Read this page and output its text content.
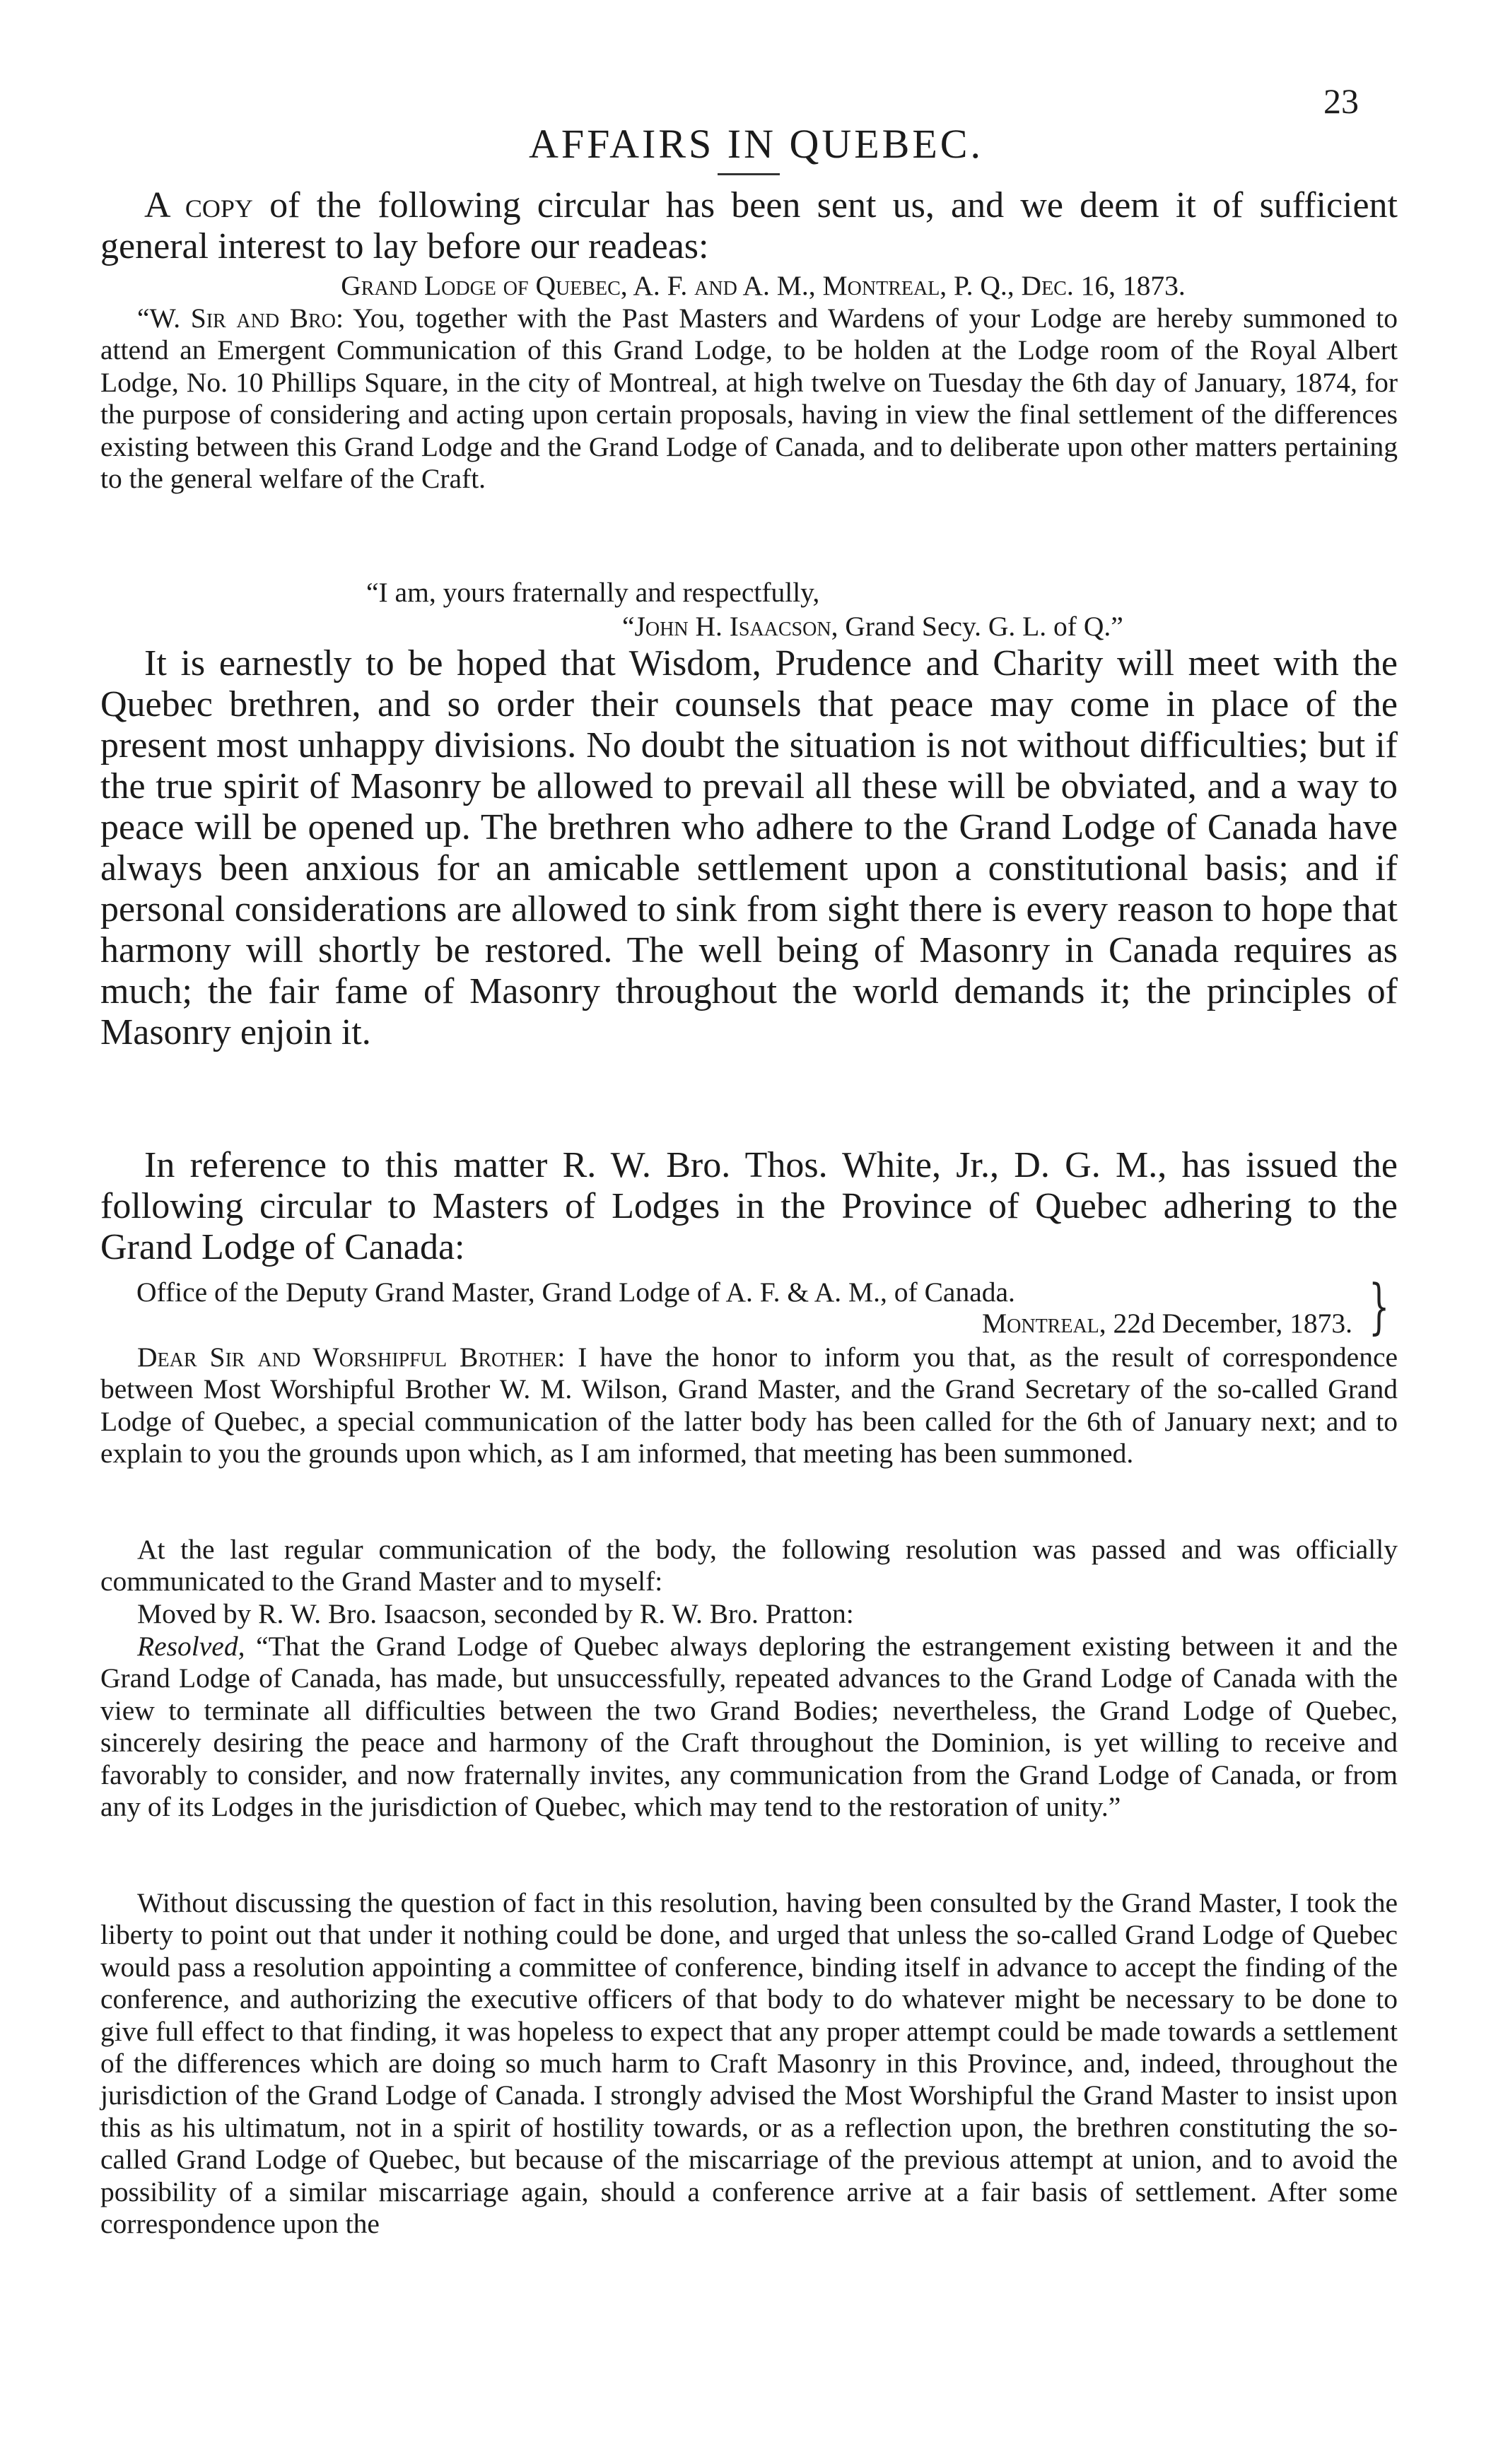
23
AFFAIRS IN QUEBEC.

A copy of the following circular has been sent us, and we deem it of sufficient general interest to lay before our readeas:

Grand Lodge of Quebec, A. F. and A. M., Montreal, P. Q., Dec. 16, 1873.

“W. Sir and Bro: You, together with the Past Masters and Wardens of your Lodge are hereby summoned to attend an Emergent Communication of this Grand Lodge, to be holden at the Lodge room of the Royal Albert Lodge, No. 10 Phillips Square, in the city of Montreal, at high twelve on Tuesday the 6th day of January, 1874, for the purpose of considering and acting upon certain proposals, having in view the final settlement of the differences existing between this Grand Lodge and the Grand Lodge of Canada, and to deliberate upon other matters pertaining to the general welfare of the Craft.

“I am, yours fraternally and respectfully,

“John H. Isaacson, Grand Secy. G. L. of Q.”

It is earnestly to be hoped that Wisdom, Prudence and Charity will meet with the Quebec brethren, and so order their counsels that peace may come in place of the present most unhappy divisions. No doubt the situation is not without difficulties; but if the true spirit of Masonry be allowed to prevail all these will be obviated, and a way to peace will be opened up. The brethren who adhere to the Grand Lodge of Canada have always been anxious for an amicable settlement upon a constitutional basis; and if personal considerations are allowed to sink from sight there is every reason to hope that harmony will shortly be restored. The well being of Masonry in Canada requires as much; the fair fame of Masonry throughout the world demands it; the principles of Masonry enjoin it.

In reference to this matter R. W. Bro. Thos. White, Jr., D. G. M., has issued the following circular to Masters of Lodges in the Province of Quebec adhering to the Grand Lodge of Canada:

Office of the Deputy Grand Master, Grand Lodge of A. F. & A. M., of Canada.
Montreal, 22d December, 1873. }

Dear Sir and Worshipful Brother: I have the honor to inform you that, as the result of correspondence between Most Worshipful Brother W. M. Wilson, Grand Master, and the Grand Secretary of the so-called Grand Lodge of Quebec, a special communication of the latter body has been called for the 6th of January next; and to explain to you the grounds upon which, as I am informed, that meeting has been summoned.

At the last regular communication of the body, the following resolution was passed and was officially communicated to the Grand Master and to myself:

Moved by R. W. Bro. Isaacson, seconded by R. W. Bro. Pratton:

Resolved, “That the Grand Lodge of Quebec always deploring the estrangement existing between it and the Grand Lodge of Canada, has made, but unsuccessfully, repeated advances to the Grand Lodge of Canada with the view to terminate all difficulties between the two Grand Bodies; nevertheless, the Grand Lodge of Quebec, sincerely desiring the peace and harmony of the Craft throughout the Dominion, is yet willing to receive and favorably to consider, and now fraternally invites, any communication from the Grand Lodge of Canada, or from any of its Lodges in the jurisdiction of Quebec, which may tend to the restoration of unity.”

Without discussing the question of fact in this resolution, having been consulted by the Grand Master, I took the liberty to point out that under it nothing could be done, and urged that unless the so-called Grand Lodge of Quebec would pass a resolution appointing a committee of conference, binding itself in advance to accept the finding of the conference, and authorizing the executive officers of that body to do whatever might be necessary to be done to give full effect to that finding, it was hopeless to expect that any proper attempt could be made towards a settlement of the differences which are doing so much harm to Craft Masonry in this Province, and, indeed, throughout the jurisdiction of the Grand Lodge of Canada. I strongly advised the Most Worshipful the Grand Master to insist upon this as his ultimatum, not in a spirit of hostility towards, or as a reflection upon, the brethren constituting the so-called Grand Lodge of Quebec, but because of the miscarriage of the previous attempt at union, and to avoid the possibility of a similar miscarriage again, should a conference arrive at a fair basis of settlement. After some correspondence upon the
